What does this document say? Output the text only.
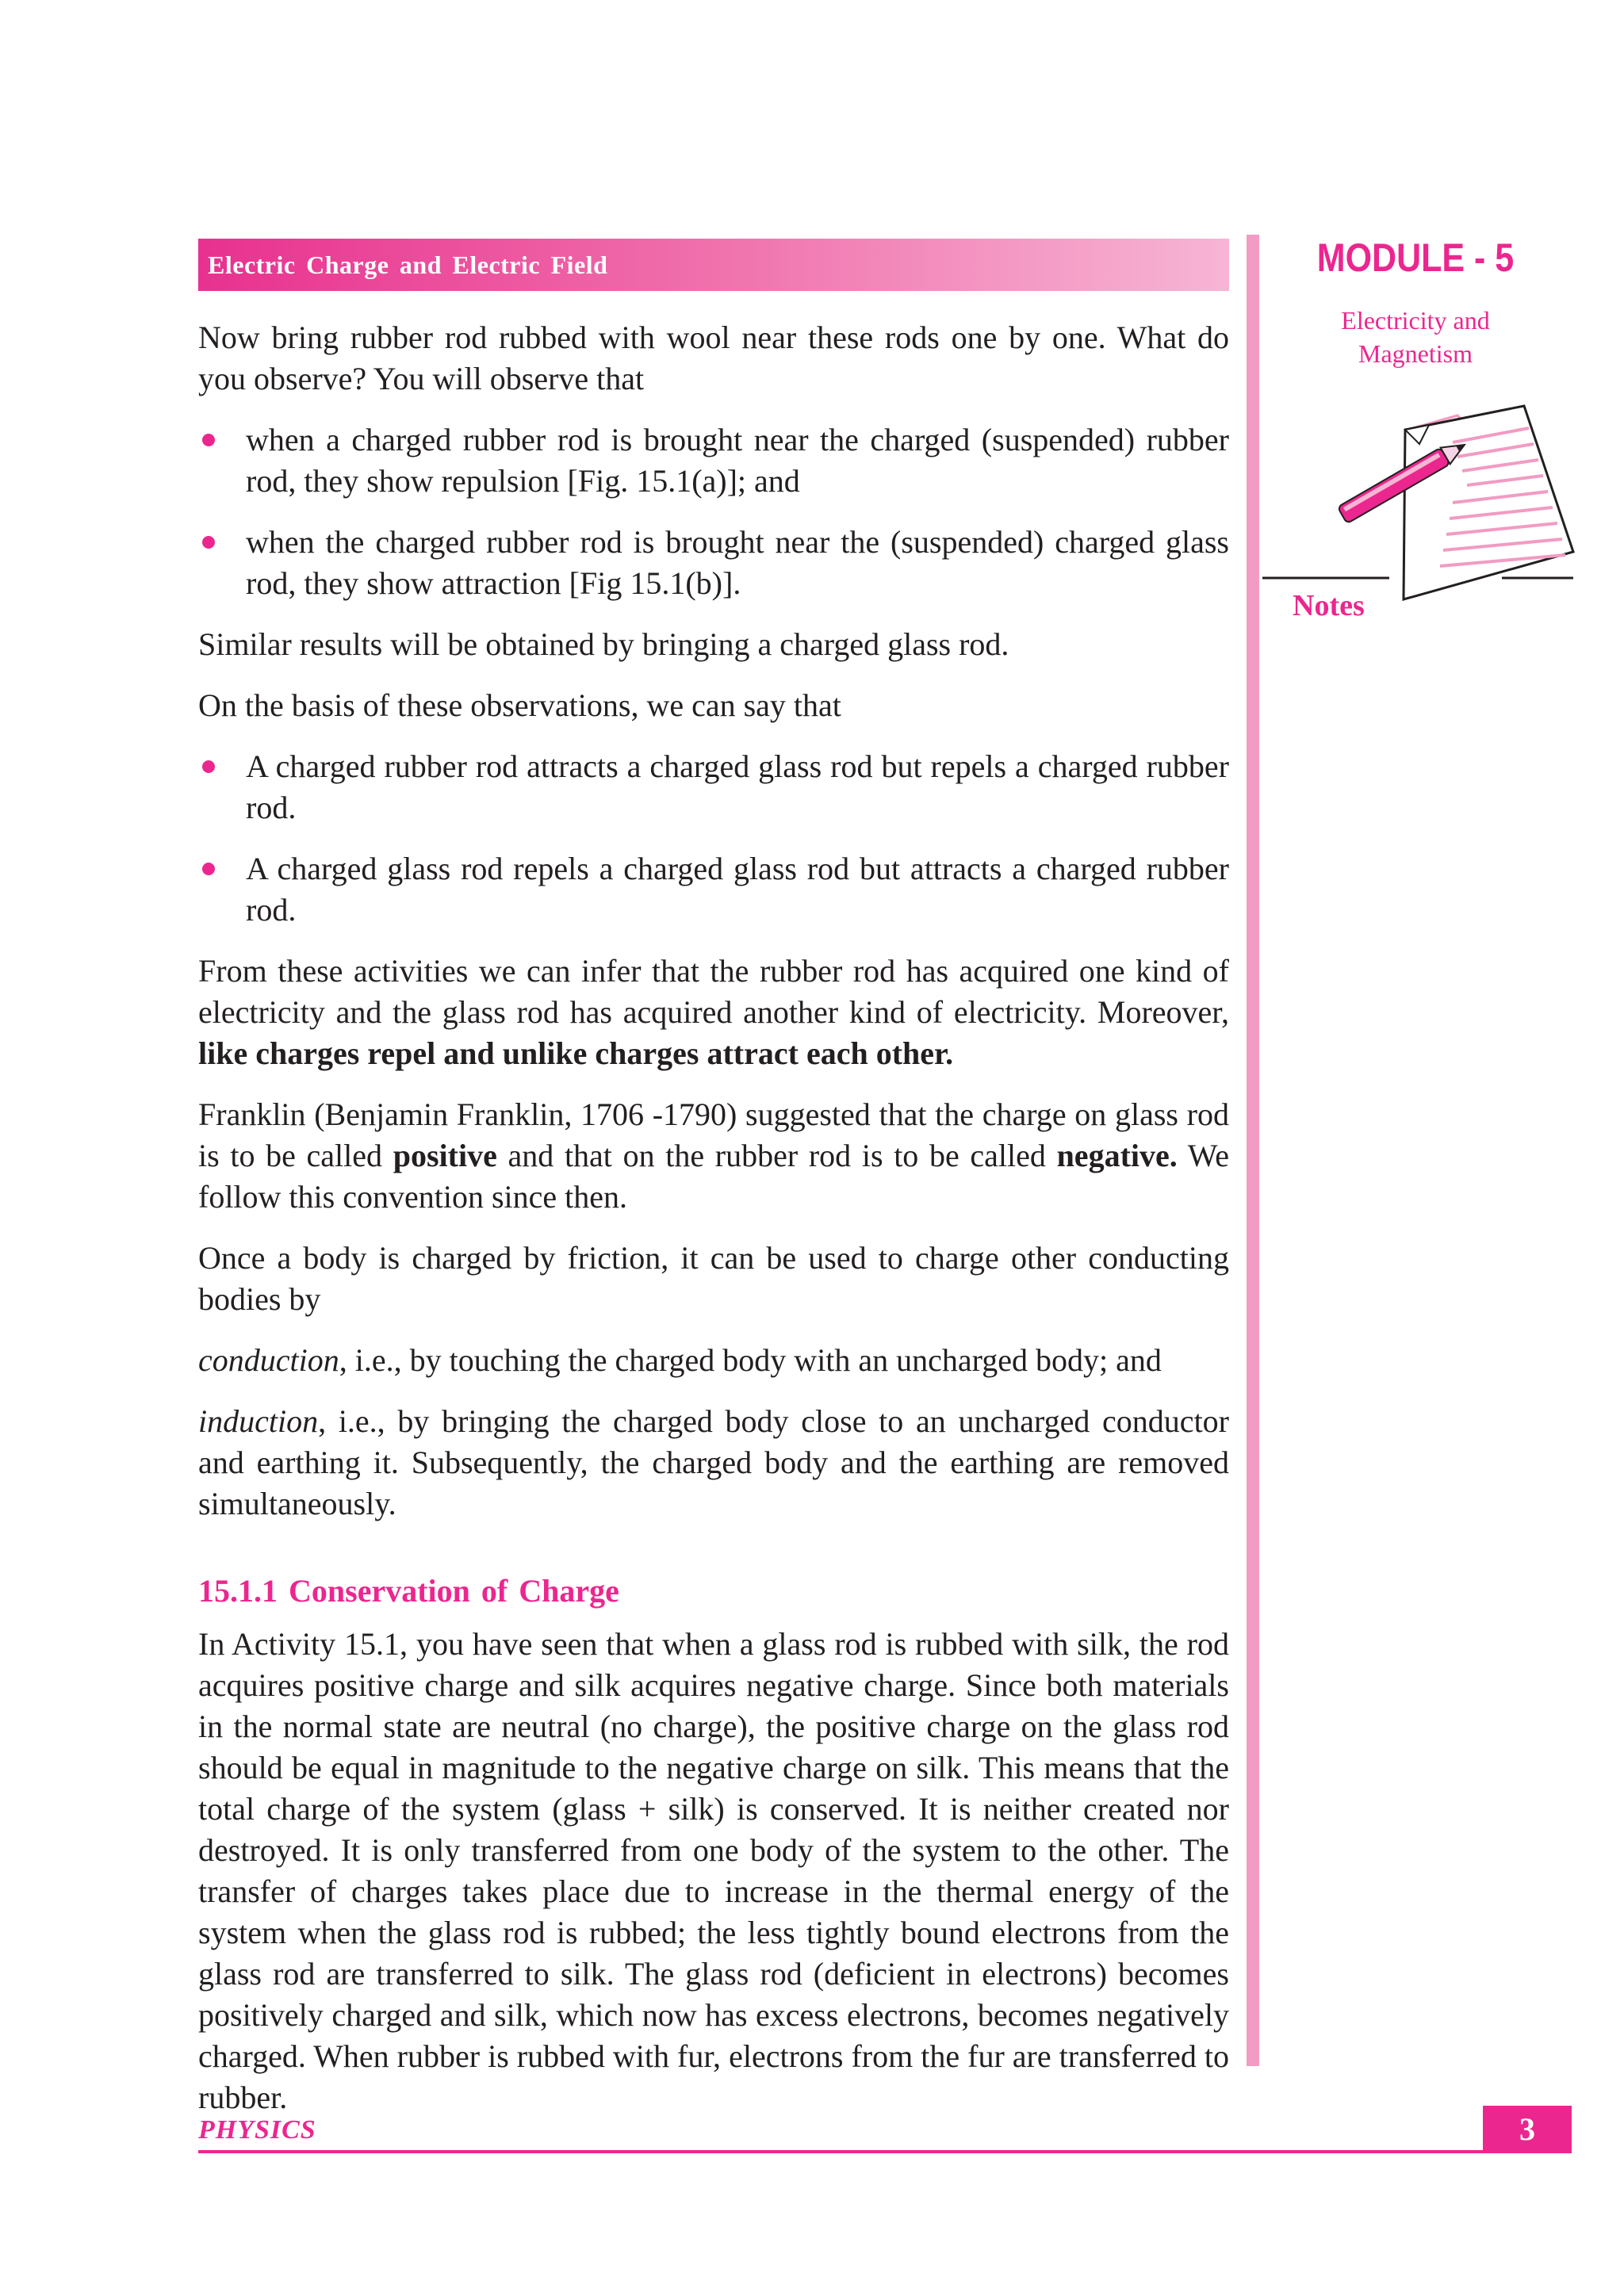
Electric Charge and Electric Field	MODULE - 5
Electricity and
Magnetism
Notes

Now bring rubber rod rubbed with wool near these rods one by one. What do you observe? You will observe that

when a charged rubber rod is brought near the charged (suspended) rubber rod, they show repulsion [Fig. 15.1(a)]; and
when the charged rubber rod is brought near the (suspended) charged glass rod, they show attraction [Fig 15.1(b)].

Similar results will be obtained by bringing a charged glass rod.

On the basis of these observations, we can say that

A charged rubber rod attracts a charged glass rod but repels a charged rubber rod.
A charged glass rod repels a charged glass rod but attracts a charged rubber rod.

From these activities we can infer that the rubber rod has acquired one kind of electricity and the glass rod has acquired another kind of electricity. Moreover, like charges repel and unlike charges attract each other.

Franklin (Benjamin Franklin, 1706 -1790) suggested that the charge on glass rod is to be called positive and that on the rubber rod is to be called negative. We follow this convention since then.

Once a body is charged by friction, it can be used to charge other conducting bodies by

conduction, i.e., by touching the charged body with an uncharged body; and

induction, i.e., by bringing the charged body close to an uncharged conductor and earthing it. Subsequently, the charged body and the earthing are removed simultaneously.

15.1.1 Conservation of Charge

In Activity 15.1, you have seen that when a glass rod is rubbed with silk, the rod acquires positive charge and silk acquires negative charge. Since both materials in the normal state are neutral (no charge), the positive charge on the glass rod should be equal in magnitude to the negative charge on silk. This means that the total charge of the system (glass + silk) is conserved. It is neither created nor destroyed. It is only transferred from one body of the system to the other. The transfer of charges takes place due to increase in the thermal energy of the system when the glass rod is rubbed; the less tightly bound electrons from the glass rod are transferred to silk. The glass rod (deficient in electrons) becomes positively charged and silk, which now has excess electrons, becomes negatively charged. When rubber is rubbed with fur, electrons from the fur are transferred to rubber.

PHYSICS	3
